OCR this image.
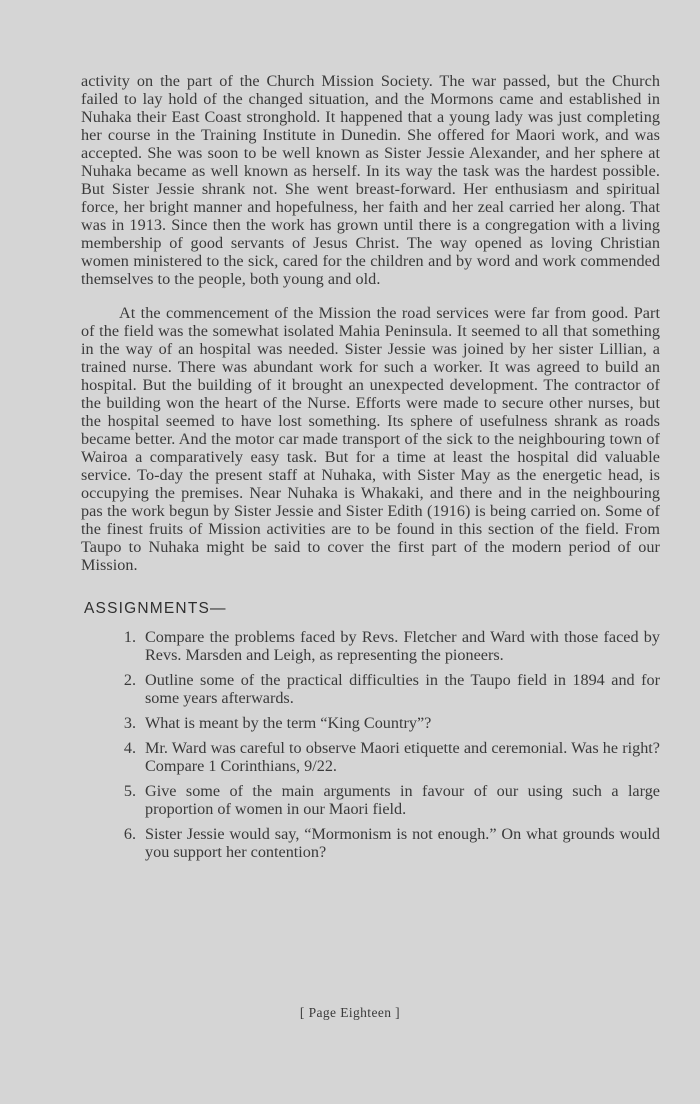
activity on the part of the Church Mission Society. The war passed, but the Church failed to lay hold of the changed situation, and the Mormons came and established in Nuhaka their East Coast stronghold. It happened that a young lady was just completing her course in the Training Institute in Dunedin. She offered for Maori work, and was accepted. She was soon to be well known as Sister Jessie Alexander, and her sphere at Nuhaka became as well known as herself. In its way the task was the hardest possible. But Sister Jessie shrank not. She went breast-forward. Her enthusiasm and spiritual force, her bright manner and hopefulness, her faith and her zeal carried her along. That was in 1913. Since then the work has grown until there is a congregation with a living membership of good servants of Jesus Christ. The way opened as loving Christian women ministered to the sick, cared for the children and by word and work commended themselves to the people, both young and old.

At the commencement of the Mission the road services were far from good. Part of the field was the somewhat isolated Mahia Peninsula. It seemed to all that something in the way of an hospital was needed. Sister Jessie was joined by her sister Lillian, a trained nurse. There was abundant work for such a worker. It was agreed to build an hospital. But the building of it brought an unexpected development. The contractor of the building won the heart of the Nurse. Efforts were made to secure other nurses, but the hospital seemed to have lost something. Its sphere of usefulness shrank as roads became better. And the motor car made transport of the sick to the neighbouring town of Wairoa a comparatively easy task. But for a time at least the hospital did valuable service. To-day the present staff at Nuhaka, with Sister May as the energetic head, is occupying the premises. Near Nuhaka is Whakaki, and there and in the neighbouring pas the work begun by Sister Jessie and Sister Edith (1916) is being carried on. Some of the finest fruits of Mission activities are to be found in this section of the field. From Taupo to Nuhaka might be said to cover the first part of the modern period of our Mission.

ASSIGNMENTS—
1. Compare the problems faced by Revs. Fletcher and Ward with those faced by Revs. Marsden and Leigh, as representing the pioneers.
2. Outline some of the practical difficulties in the Taupo field in 1894 and for some years afterwards.
3. What is meant by the term “King Country”?
4. Mr. Ward was careful to observe Maori etiquette and ceremonial. Was he right? Compare 1 Corinthians, 9/22.
5. Give some of the main arguments in favour of our using such a large proportion of women in our Maori field.
6. Sister Jessie would say, “Mormonism is not enough.” On what grounds would you support her contention?
[ Page Eighteen ]
